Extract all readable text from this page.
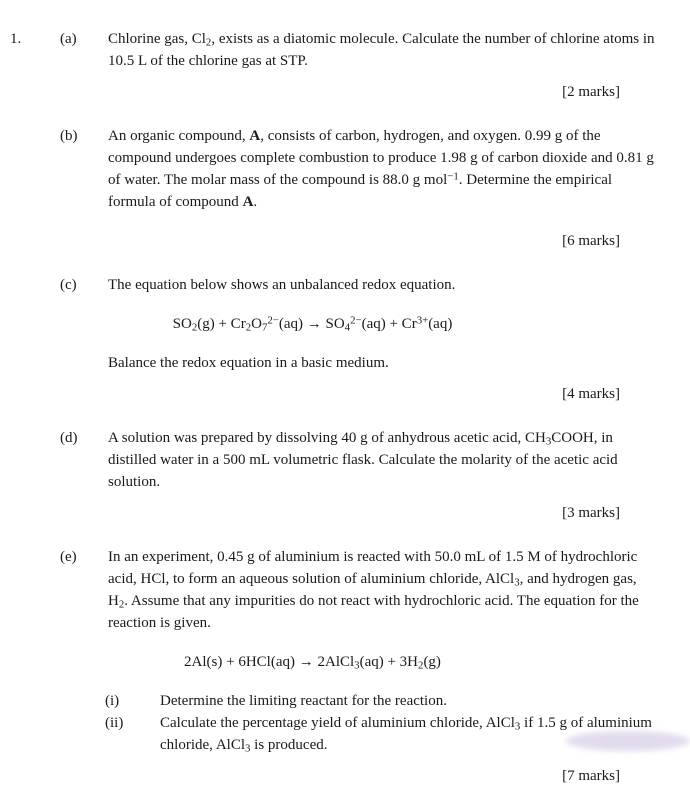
1.	(a)	Chlorine gas, $Cl_2$, exists as a diatomic molecule. Calculate the number of chlorine atoms in 10.5 L of the chlorine gas at STP.
[2 marks]
(b)	An organic compound, A, consists of carbon, hydrogen, and oxygen. 0.99 g of the compound undergoes complete combustion to produce 1.98 g of carbon dioxide and 0.81 g of water. The molar mass of the compound is 88.0 g mol$^{-1}$. Determine the empirical formula of compound A.
[6 marks]
(c)	The equation below shows an unbalanced redox equation.
$SO_2(g) + Cr_2O_7^{2-}(aq) \to SO_4^{2-}(aq) + Cr^{3+}(aq)$
Balance the redox equation in a basic medium.
[4 marks]
(d)	A solution was prepared by dissolving 40 g of anhydrous acetic acid, $CH_3COOH$, in distilled water in a 500 mL volumetric flask. Calculate the molarity of the acetic acid solution.
[3 marks]
(e)	In an experiment, 0.45 g of aluminium is reacted with 50.0 mL of 1.5 M of hydrochloric acid, HCl, to form an aqueous solution of aluminium chloride, AlCl$_3$, and hydrogen gas, $H_2$. Assume that any impurities do not react with hydrochloric acid. The equation for the reaction is given.
2Al(s) + 6HCl(aq) → 2AlCl$_3$(aq) + $3H_2(g)$
(i)	Determine the limiting reactant for the reaction.
(ii)	Calculate the percentage yield of aluminium chloride, AlCl$_3$ if 1.5 g of aluminium chloride, AlCl$_3$ is produced.
[7 marks]
